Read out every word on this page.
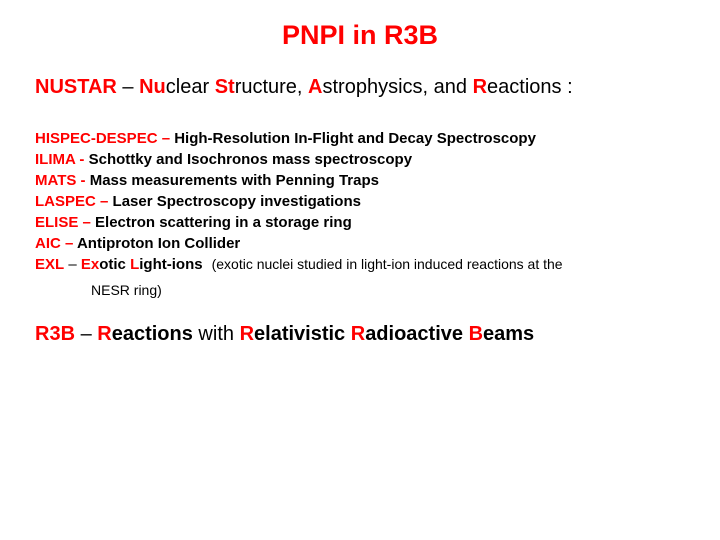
PNPI in R3B
NUSTAR – Nuclear Structure, Astrophysics, and Reactions :
HISPEC-DESPEC – High-Resolution In-Flight and Decay Spectroscopy
ILIMA - Schottky and Isochronos mass spectroscopy
MATS - Mass measurements with Penning Traps
LASPEC – Laser Spectroscopy investigations
ELISE – Electron scattering in a storage ring
AIC – Antiproton Ion Collider
EXL – Exotic Light-ions (exotic nuclei studied in light-ion induced reactions at the
NESR ring)
R3B – Reactions with Relativistic Radioactive Beams
